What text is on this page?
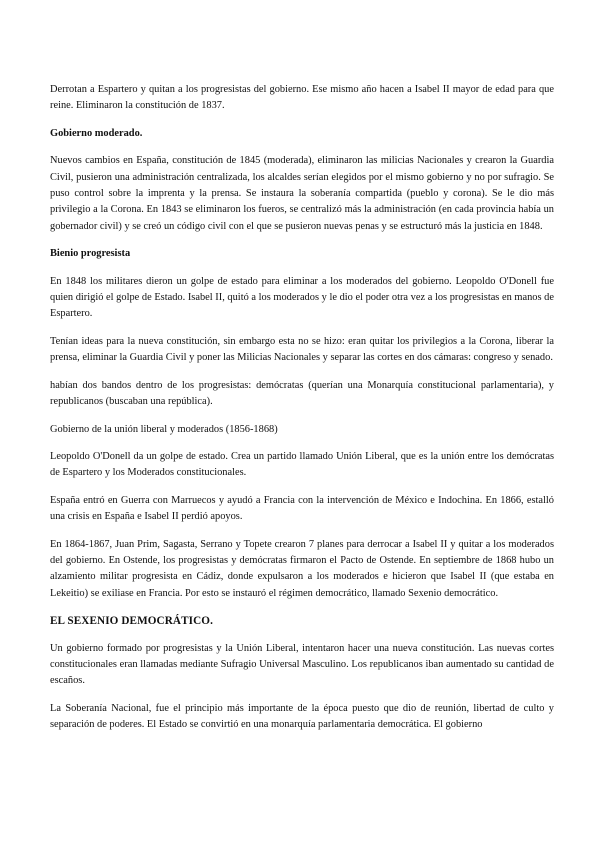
Derrotan a Espartero y quitan a los progresistas del gobierno. Ese mismo año hacen a Isabel II mayor de edad para que reine. Eliminaron la constitución de 1837.

Gobierno moderado.

Nuevos cambios en España, constitución de 1845 (moderada), eliminaron las milicias Nacionales y crearon la Guardia Civil, pusieron una administración centralizada, los alcaldes serían elegidos por el mismo gobierno y no por sufragio. Se puso control sobre la imprenta y la prensa. Se instaura la soberanía compartida (pueblo y corona). Se le dio más privilegio a la Corona. En 1843 se eliminaron los fueros, se centralizó más la administración (en cada provincia había un gobernador civil) y se creó un código civil con el que se pusieron nuevas penas y se estructuró más la justicia en 1848.

Bienio progresista

En 1848 los militares dieron un golpe de estado para eliminar a los moderados del gobierno. Leopoldo O'Donell fue quien dirigió el golpe de Estado. Isabel II, quitó a los moderados y le dio el poder otra vez a los progresistas en manos de Espartero.

Tenían ideas para la nueva constitución, sin embargo esta no se hizo: eran quitar los privilegios a la Corona, liberar la prensa, eliminar la Guardia Civil y poner las Milicias Nacionales y separar las cortes en dos cámaras: congreso y senado.

habían dos bandos dentro de los progresistas: demócratas (querían una Monarquía constitucional parlamentaria), y republicanos (buscaban una república).

Gobierno de la unión liberal y moderados (1856-1868)

Leopoldo O'Donell da un golpe de estado. Crea un partido llamado Unión Liberal, que es la unión entre los demócratas de Espartero y los Moderados constitucionales.

España entró en Guerra con Marruecos y ayudó a Francia con la intervención de México e Indochina. En 1866, estalló una crisis en España e Isabel II perdió apoyos.

En 1864-1867, Juan Prim, Sagasta, Serrano y Topete crearon 7 planes para derrocar a Isabel II y quitar a los moderados del gobierno. En Ostende, los progresistas y demócratas firmaron el Pacto de Ostende. En septiembre de 1868 hubo un alzamiento militar progresista en Cádiz, donde expulsaron a los moderados e hicieron que Isabel II (que estaba en Lekeitio) se exiliase en Francia. Por esto se instauró el régimen democrático, llamado Sexenio democrático.

EL SEXENIO DEMOCRÁTICO.

Un gobierno formado por progresistas y la Unión Liberal, intentaron hacer una nueva constitución. Las nuevas cortes constitucionales eran llamadas mediante Sufragio Universal Masculino. Los republicanos iban aumentado su cantidad de escaños.

La Soberanía Nacional, fue el principio más importante de la época puesto que dio de reunión, libertad de culto y separación de poderes. El Estado se convirtió en una monarquía parlamentaria democrática. El gobierno
